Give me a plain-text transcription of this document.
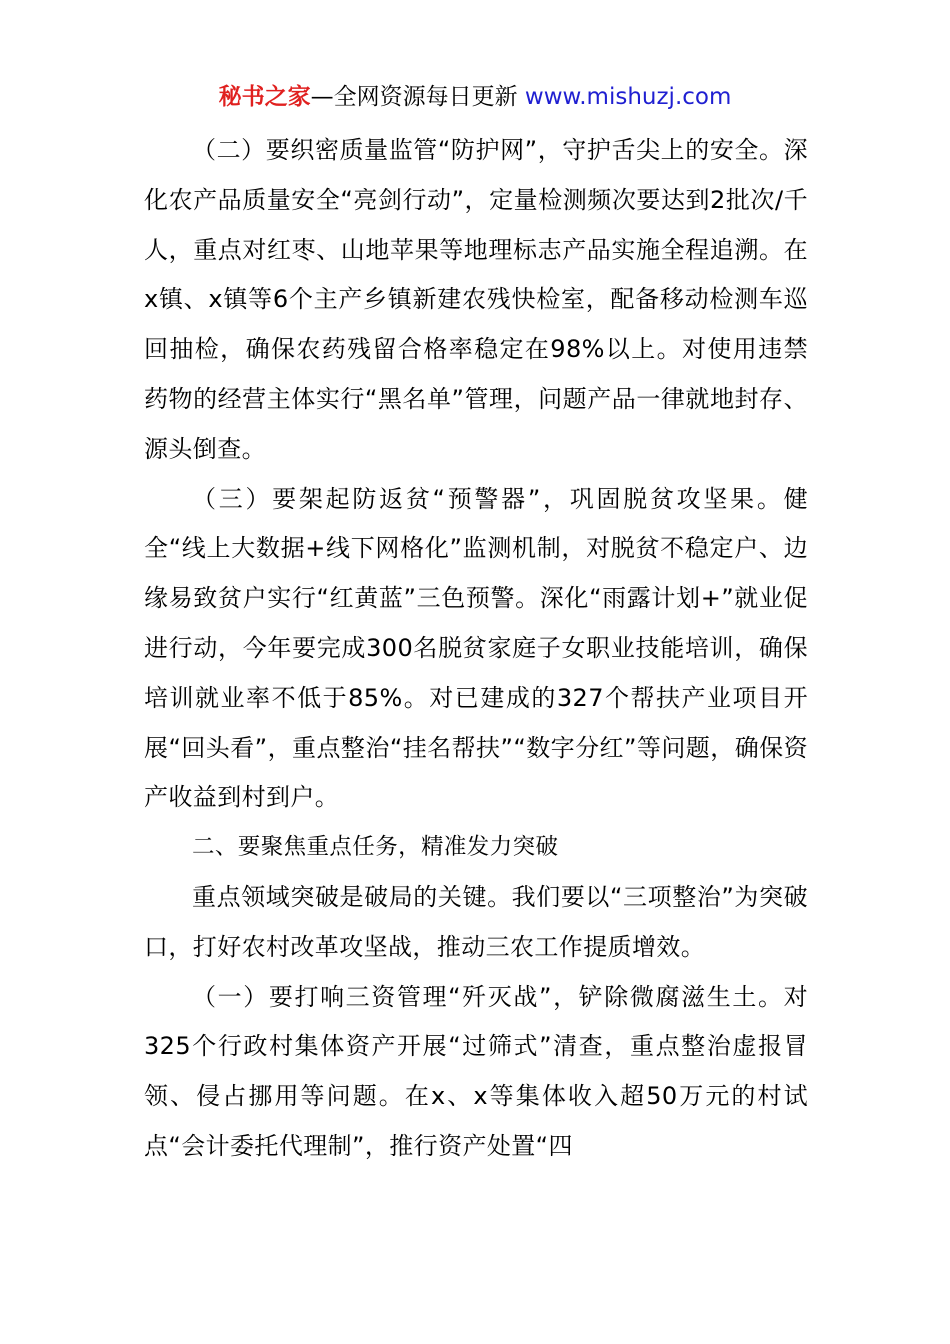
秘书之家—全网资源每日更新 www.mishuzj.com

（二）要织密质量监管“防护网”，守护舌尖上的安全。深化农产品质量安全“亮剑行动”，定量检测频次要达到2批次/千人，重点对红枣、山地苹果等地理标志产品实施全程追溯。在x镇、x镇等6个主产乡镇新建农残快检室，配备移动检测车巡回抽检，确保农药残留合格率稳定在98%以上。对使用违禁药物的经营主体实行“黑名单”管理，问题产品一律就地封存、源头倒查。

（三）要架起防返贫“预警器”，巩固脱贫攻坚果。健全“线上大数据+线下网格化”监测机制，对脱贫不稳定户、边缘易致贫户实行“红黄蓝”三色预警。深化“雨露计划+”就业促进行动，今年要完成300名脱贫家庭子女职业技能培训，确保培训就业率不低于85%。对已建成的327个帮扶产业项目开展“回头看”，重点整治“挂名帮扶”“数字分红”等问题，确保资产收益到村到户。

二、要聚焦重点任务，精准发力突破

重点领域突破是破局的关键。我们要以“三项整治”为突破口，打好农村改革攻坚战，推动三农工作提质增效。

（一）要打响三资管理“歼灭战”，铲除微腐滋生土。对325个行政村集体资产开展“过筛式”清查，重点整治虚报冒领、侵占挪用等问题。在x、x等集体收入超50万元的村试点“会计委托代理制”，推行资产处置“四
